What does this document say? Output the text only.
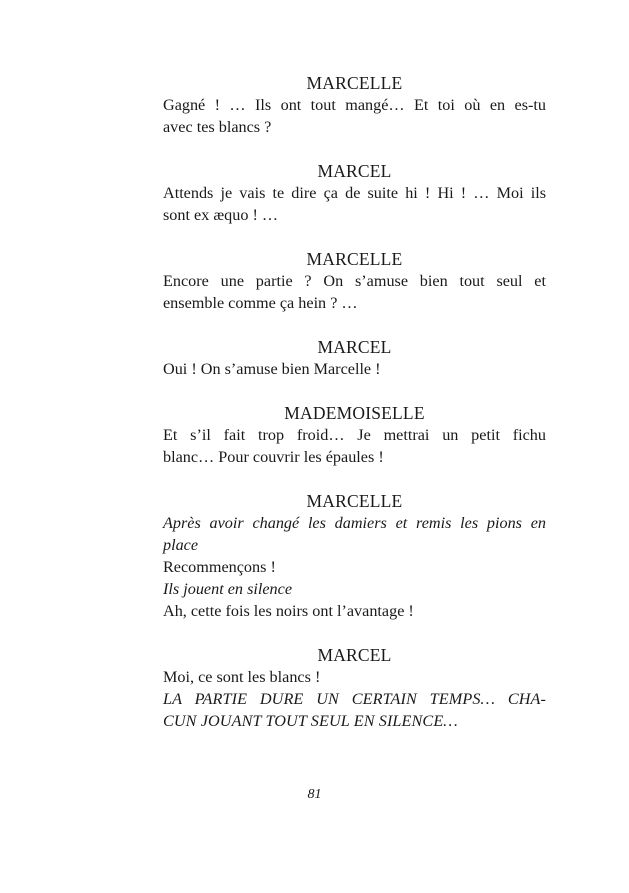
MARCELLE
Gagné ! … Ils ont tout mangé… Et toi où en es-tu
avec tes blancs ?
MARCEL
Attends je vais te dire ça de suite hi ! Hi ! … Moi ils
sont ex æquo ! …
MARCELLE
Encore une partie ? On s’amuse bien tout seul et
ensemble comme ça hein ? …
MARCEL
Oui ! On s’amuse bien Marcelle !
MADEMOISELLE
Et s’il fait trop froid… Je mettrai un petit fichu
blanc… Pour couvrir les épaules !
MARCELLE
Après avoir changé les damiers et remis les pions en
place
Recommençons !
Ils jouent en silence
Ah, cette fois les noirs ont l’avantage !
MARCEL
Moi, ce sont les blancs !
LA PARTIE DURE UN CERTAIN TEMPS… CHA-
CUN JOUANT TOUT SEUL EN SILENCE…
81
